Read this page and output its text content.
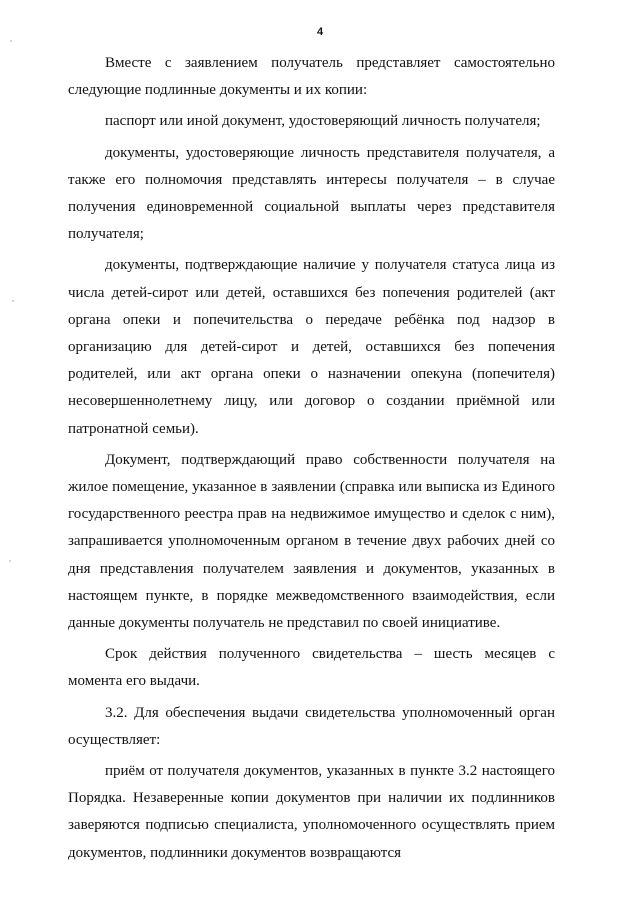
4

Вместе с заявлением получатель представляет самостоятельно следующие подлинные документы и их копии:

паспорт или иной документ, удостоверяющий личность получателя;

документы, удостоверяющие личность представителя получателя, а также его полномочия представлять интересы получателя – в случае получения единовременной социальной выплаты через представителя получателя;

документы, подтверждающие наличие у получателя статуса лица из числа детей-сирот или детей, оставшихся без попечения родителей (акт органа опеки и попечительства о передаче ребёнка под надзор в организацию для детей-сирот и детей, оставшихся без попечения родителей, или акт органа опеки о назначении опекуна (попечителя) несовершеннолетнему лицу, или договор о создании приёмной или патронатной семьи).

Документ, подтверждающий право собственности получателя на жилое помещение, указанное в заявлении (справка или выписка из Единого государственного реестра прав на недвижимое имущество и сделок с ним), запрашивается уполномоченным органом в течение двух рабочих дней со дня представления получателем заявления и документов, указанных в настоящем пункте, в порядке межведомственного взаимодействия, если данные документы получатель не представил по своей инициативе.

Срок действия полученного свидетельства – шесть месяцев с момента его выдачи.

3.2. Для обеспечения выдачи свидетельства уполномоченный орган осуществляет:

приём от получателя документов, указанных в пункте 3.2 настоящего Порядка. Незаверенные копии документов при наличии их подлинников заверяются подписью специалиста, уполномоченного осуществлять прием документов, подлинники документов возвращаются
